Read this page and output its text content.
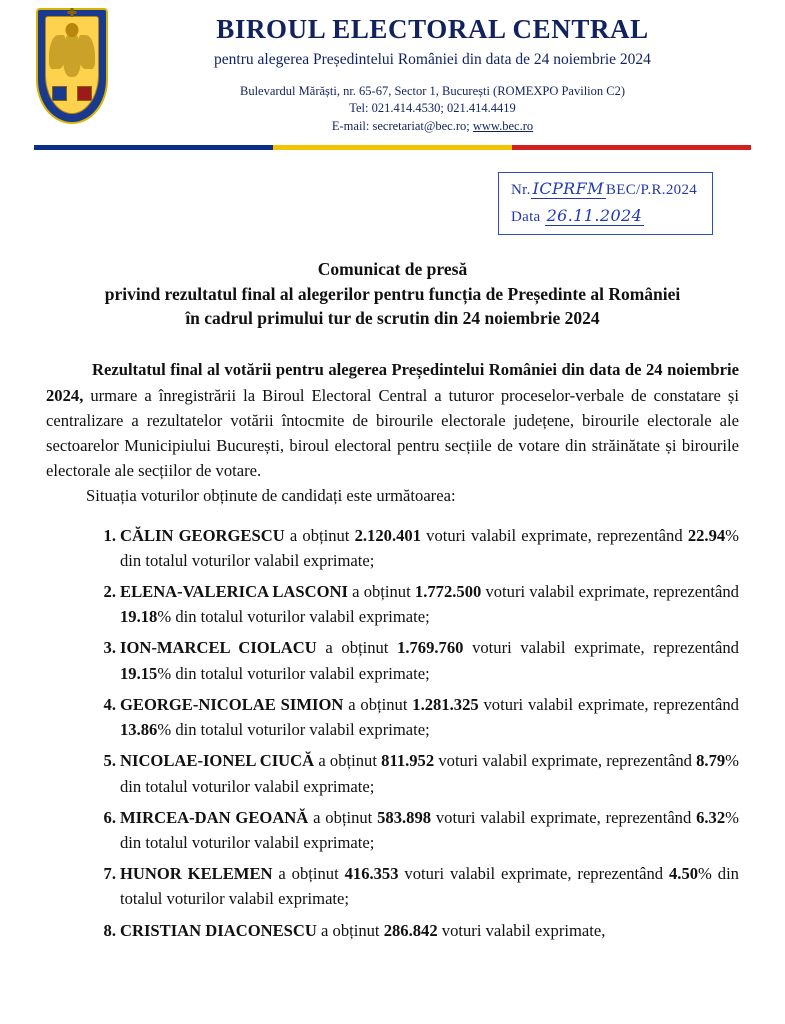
BIROUL ELECTORAL CENTRAL
pentru alegerea Președintelui României din data de 24 noiembrie 2024
Bulevardul Mărăști, nr. 65-67, Sector 1, București (ROMEXPO Pavilion C2)
Tel: 021.414.4530; 021.414.4419
E-mail: secretariat@bec.ro; www.bec.ro
Nr. ICPRFM BEC/P.R.2024
Data 26.11.2024
Comunicat de presă
privind rezultatul final al alegerilor pentru funcția de Președinte al României
în cadrul primului tur de scrutin din 24 noiembrie 2024

Rezultatul final al votării pentru alegerea Președintelui României din data de 24 noiembrie 2024, urmare a înregistrării la Biroul Electoral Central a tuturor proceselor-verbale de constatare și centralizare a rezultatelor votării întocmite de birourile electorale județene, birourile electorale ale sectoarelor Municipiului București, biroul electoral pentru secțiile de votare din străinătate și birourile electorale ale secțiilor de votare.

Situația voturilor obținute de candidați este următoarea:

1. CĂLIN GEORGESCU a obținut 2.120.401 voturi valabil exprimate, reprezentând 22.94% din totalul voturilor valabil exprimate;
2. ELENA-VALERICA LASCONI a obținut 1.772.500 voturi valabil exprimate, reprezentând 19.18% din totalul voturilor valabil exprimate;
3. ION-MARCEL CIOLACU a obținut 1.769.760 voturi valabil exprimate, reprezentând 19.15% din totalul voturilor valabil exprimate;
4. GEORGE-NICOLAE SIMION a obținut 1.281.325 voturi valabil exprimate, reprezentând 13.86% din totalul voturilor valabil exprimate;
5. NICOLAE-IONEL CIUCĂ a obținut 811.952 voturi valabil exprimate, reprezentând 8.79% din totalul voturilor valabil exprimate;
6. MIRCEA-DAN GEOANĂ a obținut 583.898 voturi valabil exprimate, reprezentând 6.32% din totalul voturilor valabil exprimate;
7. HUNOR KELEMEN a obținut 416.353 voturi valabil exprimate, reprezentând 4.50% din totalul voturilor valabil exprimate;
8. CRISTIAN DIACONESCU a obținut 286.842 voturi valabil exprimate,
